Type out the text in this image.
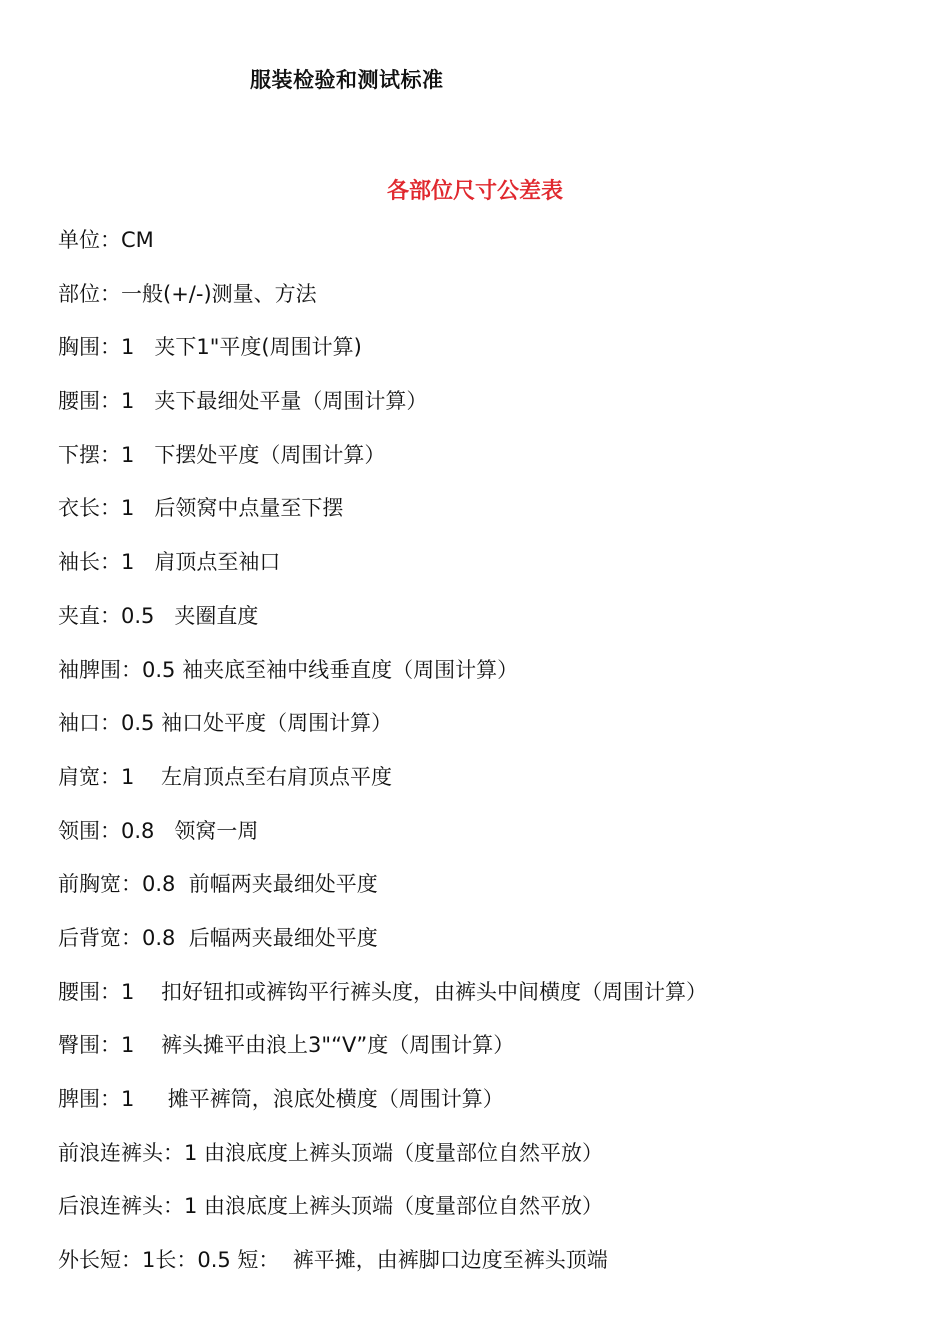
服装检验和测试标准
各部位尺寸公差表
单位：CM
部位：一般(+/-)测量、方法
胸围：1   夹下1"平度(周围计算)
腰围：1   夹下最细处平量（周围计算）
下摆：1   下摆处平度（周围计算）
衣长：1   后领窝中点量至下摆
袖长：1   肩顶点至袖口
夹直：0.5   夹圈直度
袖脾围：0.5 袖夹底至袖中线垂直度（周围计算）
袖口：0.5 袖口处平度（周围计算）
肩宽：1    左肩顶点至右肩顶点平度
领围：0.8   领窝一周
前胸宽：0.8  前幅两夹最细处平度
后背宽：0.8  后幅两夹最细处平度
腰围：1    扣好钮扣或裤钩平行裤头度，由裤头中间横度（周围计算）
臀围：1    裤头摊平由浪上3"“V”度（周围计算）
脾围：1     摊平裤筒，浪底处横度（周围计算）
前浪连裤头：1 由浪底度上裤头顶端（度量部位自然平放）
后浪连裤头：1 由浪底度上裤头顶端（度量部位自然平放）
外长短：1长：0.5 短：  裤平摊，由裤脚口边度至裤头顶端
